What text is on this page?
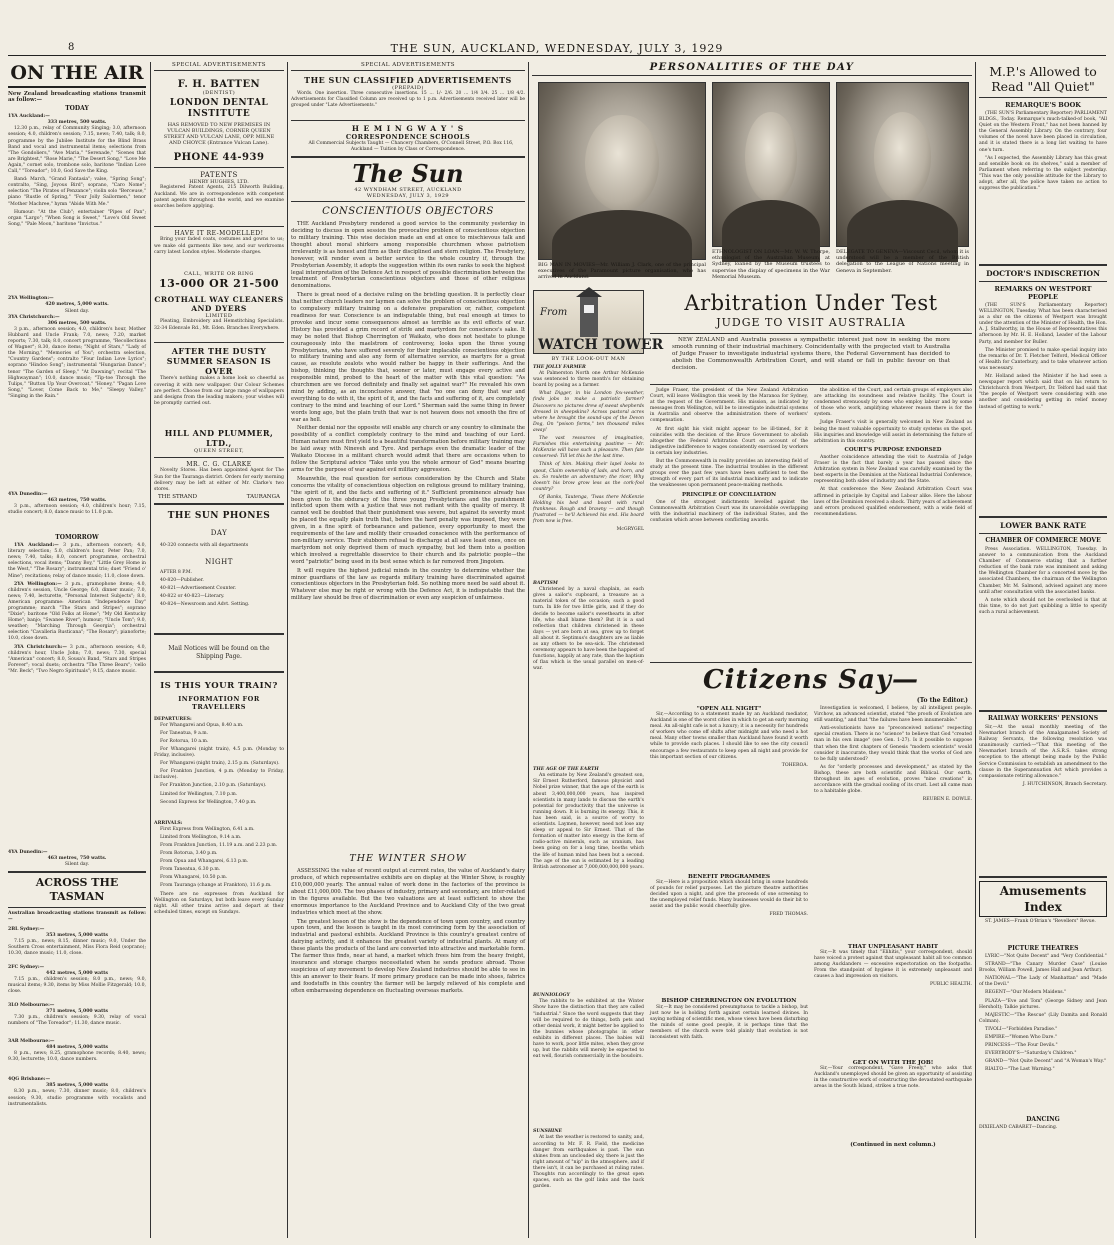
8	THE SUN, AUCKLAND, WEDNESDAY, JULY 3, 1929
ON THE AIR
New Zealand broadcasting stations transmit as follow:—
TODAY
1YA Auckland:—
333 metres, 500 watts.

12.30 p.m., relay of Community Singing; 3.0, afternoon session; 4.0, children's session; 7.15, news; 7.40, talk; 8.0, programme by the Jubilee Institute for the Blind Brass Band and vocal and instrumental items; selections from "The Gondoliers," "Ave Maria," "Serenade," "Scenes that are Brightest," "Rose Marie," "The Desert Song," "Love Me Again," cornet solo, trombone solo, baritone "Indian Love Call," "Toreador"; 10.0, God Save the King.

Band: March, "Grand Fantasia"; valse, "Spring Song"; contralto, "Sing, Joyous Bird"; soprano, "Caro Nome"; selection "The Pirates of Penzance"; violin solo "Berceuse," piano "Rustle of Spring," "Four Jolly Sailormen," tenor "Mother Machree," hymn "Abide With Me."

Humour: "At the Club"; entertainer "Pipes of Pan"; organ "Largo"; "When Song is Sweet," "Love's Old Sweet Song," "Pale Moon," baritone "Invictus."

2YA Wellington:—
420 metres, 5,000 watts.
Silent day.
3YA Christchurch:—
306 metres, 500 watts.

3 p.m., afternoon session; 4.0, children's hour, Mother Hubbard and Uncle Frank; 7.0, news; 7.20, market reports; 7.30, talk; 8.0, concert programme, "Recollections of Wagner"; 8.30, dance items; "Night of Stars," "Lady of the Morning," "Memories of You"; orchestra selection, "Country Gardens"; contralto "Four Indian Love Lyrics"; soprano "Hindoo Song"; instrumental "Hungarian Dance"; tenor "The Garden of Sleep," "At Dawning"; recital "The Highwayman"; 10.0, dance music; "Tip-toe Through the Tulips," "Button Up Your Overcoat," "Honey," "Pagan Love Song," "Lover, Come Back to Me," "Sleepy Valley," "Singing in the Rain."

4YA Dunedin:—
463 metres, 750 watts.

3 p.m., afternoon session; 4.0, children's hour; 7.15, studio concert; 8.0, dance music to 11.0 p.m.

TOMORROW

1YA Auckland:— 3 p.m., afternoon concert; 4.0, literary selection; 5.0, children's hour, Peter Pan; 7.0, news; 7.40, talks; 8.0, concert programme, orchestral selections, vocal items; "Danny Boy," "Little Grey Home in the West," "The Rosary"; instrumental trio; duet "Friend o' Mine"; recitations; relay of dance music; 11.0, close down.

2YA Wellington:— 3 p.m., gramophone items; 4.0, children's session, Uncle George; 6.0, dinner music; 7.0, news; 7.40, lecturette, "Personal Interest Subjects"; 8.0, American programme: American "Independence Day" programme; march "The Stars and Stripes"; soprano "Dixie"; baritone "Old Folks at Home"; "My Old Kentucky Home"; banjo; "Swanee River"; humour; "Uncle Tom"; 9.0, weather; "Marching Through Georgia"; orchestral selection "Cavalleria Rusticana"; "The Rosary"; pianoforte; 10.0, close down.

3YA Christchurch:— 3 p.m., afternoon session; 4.0, children's hour, Uncle John; 7.0, news; 7.30, special "American" concert; 8.0, Sousa's Band, "Stars and Stripes Forever"; vocal duets; orchestra "The Three Bears"; 'cello "Mr. Beck"; "Two Negro Spirituals"; 9.15, dance music.

4YA Dunedin:—
463 metres, 750 watts.
Silent day.
ACROSS THE TASMAN
Australian broadcasting stations transmit as follow:—
2BL Sydney:—
353 metres, 5,000 watts

7.15 p.m., news; 8.15, dinner music; 9.0, Under the Southern Cross entertainment, Miss Flora Reid (soprano); 10.30, dance music; 11.0, close.

2FC Sydney:—
442 metres, 5,000 watts

7.15 p.m., children's session; 8.0 p.m., news; 9.0, musical items; 9.30, items by Miss Mollie Fitzgerald; 10.0, close.

3LO Melbourne:—
371 metres, 5,000 watts

7.30 p.m., children's session; 9.30, relay of vocal numbers of "The Toreador"; 11.30, dance music.

3AR Melbourne:—
484 metres, 5,000 watts

8 p.m., news; 8.25, gramophone records; 8.40, news; 9.30, lecturette; 10.0, dance numbers.

4QG Brisbane:—
385 metres, 5,000 watts

8.30 p.m., news; 7.30, dinner music; 8.0, children's session; 9.30, studio programme with vocalists and instrumentalists.

SPECIAL ADVERTISEMENTS
F. H. BATTEN
(DENTIST)
LONDON DENTAL INSTITUTE
HAS REMOVED TO NEW PREMISES IN VULCAN BUILDINGS, CORNER QUEEN STREET AND VULCAN LANE, OPP. MILNE AND CHOYCE (Entrance Vulcan Lane).
PHONE 44-939
PATENTS
HENRY HUGHES, LTD.

Registered Patent Agents, 215 Dilworth Building, Auckland. We are in correspondence with competent patent agents throughout the world, and we examine searches before applying.

HAVE IT RE-MODELLED!

Bring your faded coats, costumes and gowns to us; we make old garments like new, and our workrooms carry latest London styles. Moderate charges.

CALL, WRITE OR RING
13-000 OR 21-500
CROTHALL WAY CLEANERS AND DYERS
LIMITED

Pleating, Embroidery and Hemstitching Specialists. 32-34 Edenvale Rd., Mt. Eden. Branches Everywhere.

AFTER THE DUSTY SUMMER SEASON IS OVER

There's nothing makes a home look so cheerful as covering it with new wallpaper. Our Colour Schemes are perfect. Choose from our large range of wallpapers and designs from the leading makers; your wishes will be promptly carried out.

HILL AND PLUMMER, LTD.,
QUEEN STREET,
MR. C. G. CLARKE

Novelty Stores. Has been appointed Agent for The Sun for the Tauranga district. Orders for early morning delivery may be left at either of Mr. Clarke's two stores.

THE STRAND	TAURANGA
THE SUN PHONES
DAY

40-320 connects with all departments

NIGHT

AFTER 8 P.M.

40-820—Publisher.

40-821—Advertisement Counter.

40-822 or 40-823—Literary.

40-824—Newsroom and Advt. Setting.

Mail Notices will be found on the Shipping Page.
IS THIS YOUR TRAIN?
INFORMATION FOR TRAVELLERS
DEPARTURES:

For Whangarei and Opua, 8.40 a.m.

For Taneatua, 9 a.m.

For Rotorua, 10 a.m.

For Whangarei (night train), 4.5 p.m. (Monday to Friday, inclusive).

For Whangarei (night train), 2.15 p.m. (Saturdays).

For Frankton Junction, 4 p.m. (Monday to Friday, inclusive).

For Frankton Junction, 2.10 p.m. (Saturdays).

Limited for Wellington, 7.10 p.m.

Second Express for Wellington, 7.40 p.m.

ARRIVALS:

First Express from Wellington, 6.41 a.m.

Limited from Wellington, 9.14 a.m.

From Frankton Junction, 11.19 a.m. and 2.23 p.m.

From Rotorua, 3.40 p.m.

From Opua and Whangarei, 6.13 p.m.

From Taneatua, 6.30 p.m.

From Whangarei, 10.50 p.m.

From Tauranga (change at Frankton), 11.6 p.m.

There are no expresses from Auckland for Wellington on Saturdays, but both leave every Sunday night. All other trains arrive and depart at their scheduled times, except on Sundays.

SPECIAL ADVERTISEMENTS
THE SUN CLASSIFIED ADVERTISEMENTS
(PREPAID)

Words. One insertion. Three consecutive insertions. 15 … 1/- 2/6. 20 … 1/4 3/4. 25 … 1/8 4/2. Advertisements for Classified Column are received up to 1 p.m. Advertisements received later will be grouped under "Late Advertisements."

H E M I N G W A Y ' S
CORRESPONDENCE SCHOOLS

All Commercial Subjects Taught — Chancery Chambers, O'Connell Street, P.O. Box 116, Auckland — Tuition by Class or Correspondence.

The Sun
42 WYNDHAM STREET, AUCKLAND
WEDNESDAY, JULY 3, 1929
CONSCIENTIOUS OBJECTORS

THE Auckland Presbytery rendered a good service to the community yesterday in deciding to discuss in open session the provocative problem of conscientious objection to military training. This wise decision made an end at once to mischievous talk and thought about moral shirkers among responsible churchmen whose patriotism irrelevantly is as honest and firm as their disciplined and stern religion. The Presbytery, however, will render even a better service to the whole country if, through the Presbyterian Assembly, it adopts the suggestion within its own ranks to seek the highest legal interpretation of the Defence Act in respect of possible discrimination between the treatment of Presbyterian conscientious objectors and those of other religious denominations.

There is great need of a decisive ruling on the bristling question. It is perfectly clear that neither church leaders nor laymen can solve the problem of conscientious objection to compulsory military training on a defensive preparation or, rather, competent readiness for war. Conscience is an indisputable thing, but real enough at times to provoke and incur some consequences almost as terrible as its evil effects of war. History has provided a grim record of strife and martyrdom for conscience's sake. It may be noted that Bishop Cherrington of Waikato, who does not hesitate to plunge courageously into the maelstrom of controversy, looks upon the three young Presbyterians, who have suffered severely for their implacable conscientious objection to military training and also any form of alternative service, as martyrs for a great cause, as resolute zealots who would rather be happy in their sufferings. And the bishop, thinking the thoughts that, sooner or later, must engage every active and responsible mind, probed to the heart of the matter with this vital question: "As churchmen are we forced definitely and finally set against war?" He revealed his own mind by adding, as an inconclusive answer, that "no one can deny that war and everything to do with it, the spirit of it, and the facts and suffering of it, are completely contrary to the mind and teaching of our Lord." Sherman said the same thing in fewer words long ago, but the plain truth that war is not heaven does not smooth the fire of war as hell.

Neither denial nor the opposite will enable any church or any country to eliminate the possibility of a conflict completely contrary to the mind and teaching of our Lord. Human nature must first yield to a beautiful transformation before military training may be laid away with Nineveh and Tyre. And perhaps even the dramatic leader of the Waikato Diocese in a militant church would admit that there are occasions when to follow the Scriptural advice "Take unto you the whole armour of God" means bearing arms for the purpose of war against evil military aggression.

Meanwhile, the real question for serious consideration by the Church and State concerns the vitality of conscientious objection on religious ground to military training, "the spirit of it, and the facts and suffering of it." Sufficient prominence already has been given to the obduracy of the three young Presbyterians and the punishment inflicted upon them with a justice that was not radiant with the quality of mercy. It cannot well be doubted that their punishment was severe, but against its severity must be placed the equally plain truth that, before the hard penalty was imposed, they were given, in a fine spirit of forbearance and patience, every opportunity to meet the requirements of the law and mollify their crusaded conscience with the performance of non-military service. Their stubborn refusal to discharge at all save least ones, once on martyrdom not only deprived them of much sympathy, but led them into a position which involved a regrettable disservice to their church and its patriotic people—the word "patriotic" being used in its best sense which is far removed from Jingoism.

It will require the highest judicial minds in the country to determine whether the minor guardians of the law as regards military training have discriminated against conscientious objectors in the Presbyterian fold. So nothing more need be said about it. Whatever else may be right or wrong with the Defence Act, it is indisputable that the military law should be free of discrimination or even any suspicion of unfairness.

THE WINTER SHOW

ASSESSING the value of recent output at current rates, the value of Auckland's dairy produce, of which representative exhibits are on display at the Winter Show, is roughly £10,000,000 yearly. The annual value of work done in the factories of the province is about £11,000,000. The two phases of industry, primary and secondary, are inter-related in the figures available. But the two valuations are at least sufficient to show the enormous importance to the Auckland Province and to Auckland City of the two great industries which meet at the show.

The greatest lesson of the show is the dependence of town upon country, and country upon town, and the lesson is taught in its most convincing form by the association of industrial and pastoral exhibits. Auckland Province is this country's greatest centre of dairying activity, and it enhances the greatest variety of industrial plants. At many of these plants the products of the land are converted into attractive and marketable form. The farmer thus finds, near at hand, a market which frees him from the heavy freight, insurance and storage charges necessitated when he sends produce abroad. Those suspicious of any movement to develop New Zealand industries should be able to see in this an answer to their fears. If more primary produce can be made into shoes, fabrics and foodstuffs in this country the farmer will be largely relieved of his complete and often embarrassing dependence on fluctuating overseas markets.

PERSONALITIES OF THE DAY
BIG MAN IN MOVIES—Mr. William J. Clark, one of the principal executives of the Paramount picture organisation, who has arrived in Auckland.
ETHNOLOGIST ON LOAN—Mr. W. W. Thorpe, ethnologist of the Australian Museum, at Sydney, loaned by the Museum trustees to supervise the display of specimens in the War Memorial Museum.
DELEGATE TO GENEVA—Viscount Cecil, whom it is understood will be a member of the British delegation to the League of Nations meeting in Geneva in September.
From
WATCH TOWER
BY THE LOOK-OUT MAN
THE JOLLY FARMER

At Palmerston North one Arthur McKenzie was sentenced to three month's for obtaining board by posing as a farmer.

What Digger, in his London fox-weather, finds jobs to make a patriotic farmer? Discovers no pictures drew of sweat shepherds dressed in sheepskins? Across pastoral acres where he brought the sound-ups of the Devon Dog, On "poison forms," ten thousand miles away!

The vast resources of imagination, Furnishes this entertaining pastime — Mr. McKenzie will have such a pleasure. Then fate conserved: Till let this be the last time.

Think of him. Making their lapel looks to spout, Claim ownership of lads, and horn, and ax. So roulette an adventurer; the ricer, Why doesn't his brow grow less as the cork-fool country?

Of Banks, Tautenga, 'Twas there McKenzie Holding his bed and board with rural frankness. Rough and brawny — and though frustrated — he'll Achieved his end. His board from now is free.

McGRYGEL

BAPTISM

Christened by a naval chaplain, as each gives a sailor's cupboard, a treasure as a material token of the occasion; such a good turn. In life for two little girls, and if they do decide to become sailor's sweethearts in after life, who shall blame them? But it is a sad reflection that children christened in these days — yet are born at sea, grow up to forget all about it. Septimus's daughters are as liable as any others to be sea-sick. The christened ceremony appears to have been the happiest of functions, happily at any rate, than the baptism of flax which is the usual parallel on men-of-war.

THE AGE OF THE EARTH

An estimate by New Zealand's greatest son, Sir Ernest Rutherford, famous physicist and Nobel prize winner, that the age of the earth is about 3,400,000,000 years, has inspired scientists in many lands to discuss the earth's potential for productivity that the universe is running down. It is burning its energy. This, it has been said, is a source of worry to scientists. Laymen, however, need not lose any sleep or appeal to Sir Ernest. That of the formation of matter into energy in the form of radio-active minerals, such as uranium, has been going on for a long time, booths which the life of human mind has been but a second. The age of the sun is estimated by a leading British astronomer at 7,000,000,000,000 years.

BUNNIOLOGY

The rabbits to be exhibited at the Winter Show have the distinction that they are called "industrial." Since the word suggests that they will be required to do things, both pets and other denial work, it might better be applied to the bunnies whose photographs in other exhibits in different places. The babies will have to work, poor little mites, when they grow up, but the rabbits will merely be expected to eat well, flourish commercially in the boudoirs.

SUNSHINE

At last the weather is restored to sanity, and, according to Mr. F. R. Field, the medicine danger from earthquakes is past. The sun shines from an unclouded sky, there is just the right amount of "nip" in the atmosphere, and if there isn't, it can be purchased at ruling rates. Thoughts run accordingly to the great open spaces, such as the golf links and the back garden.

Arbitration Under Test
JUDGE TO VISIT AUSTRALIA

NEW ZEALAND and Australia possess a sympathetic interest just now in seeking the more smooth running of their industrial machinery. Coincidentally with the projected visit to Australia of Judge Fraser to investigate industrial systems there, the Federal Government has decided to abolish the Commonwealth Arbitration Court, and will stand or fall in public favour on that decision.

Judge Fraser, the president of the New Zealand Arbitration Court, will leave Wellington this week by the Maranoa for Sydney, at the request of the Government. His mission, as indicated by messages from Wellington, will be to investigate industrial systems in Australia and observe the administration there of workers' compensation.

At first sight his visit might appear to be ill-timed, for it coincides with the decision of the Bruce Government to abolish altogether the Federal Arbitration Court on account of the indigestive indifference to wages consistently exercised by workers in certain key industries.

But the Commonwealth in reality provides an interesting field of study at the present time. The industrial troubles in the different groups over the past few years have been sufficient to test the strength of every part of its industrial machinery and to indicate the weaknesses upon permanent peace-making methods.

PRINCIPLE OF CONCILIATION

One of the strongest indictments levelled against the Commonwealth Arbitration Court was its unavoidable overlapping with the industrial machinery of the individual States, and the confusion which arose between conflicting awards.

the abolition of the Court, and certain groups of employers also are attacking its soundness and relative facility. The Court is condemned strenuously by some who employ labour and by some of those who work, amplifying whatever reason there is for the system.

Judge Fraser's visit is generally welcomed in New Zealand as being the most valuable opportunity to study systems on the spot. His inquiries and knowledge will assist in determining the future of arbitration in this country.

COURT'S PURPOSE ENDORSED

Another coincidence attending the visit to Australia of Judge Fraser is the fact that barely a year has passed since the Arbitration system in New Zealand was carefully examined by the best experts in the Dominion at the National Industrial Conference, representing both sides of industry and the State.

At that conference the New Zealand Arbitration Court was affirmed in principle by Capital and Labour alike. Here the labour laws of the Dominion received a shock. Thirty years of achievement and errors produced qualified endorsement, with a wide field of recommendations.

Citizens Say—
(To the Editor.)
"OPEN ALL NIGHT"

Sir,—According to a statement made by an Auckland mediator, Auckland is one of the worst cities in which to get an early morning meal. An all-night cafe is not a luxury; it is a necessity for hundreds of workers who come off shifts after midnight and who need a hot meal. Many other towns smaller than Auckland have found it worth while to provide such places. I should like to see the city council encourage a few restaurants to keep open all night and provide for this important section of our citizens.

TOHEROA.

BENEFIT PROGRAMMES

Sir,—Here is a proposition which should bring in some hundreds of pounds for relief purposes. Let the picture theatre authorities decided upon a night, and give the proceeds of one screening to the unemployed relief funds. Many businesses would do their bit to assist and the public would cheerfully give.

FRED THOMAS.

BISHOP CHERRINGTON ON EVOLUTION

Sir,—It may be considered presumptuous to tackle a bishop, but just now he is holding forth against certain learned divines. In saying nothing of scientific men, whose views have been disturbing the minds of some good people, it is perhaps time that the members of the church were told plainly that evolution is not inconsistent with faith.

Investigation is welcomed, I believe, by all intelligent people. Virchow, an advanced scientist, stated "the proofs of Evolution are still wanting," and that "the failures have been innumerable."

Anti-evolutionists have no "preconceived notions" respecting special creation. There is no "science" to believe that God "created man in his own image" (see Gen. 1-27). Is it possible to suppose that when the first chapters of Genesis "modern scientists" would consider it inaccurate, they would think that the works of God are to be fully understood?

As for "orderly processes and development," as stated by the Bishop, these are both scientific and Biblical. Our earth, throughout its ages of evolution, proves "nine creations" in accordance with the gradual cooling of its crust. Lest all came man to a habitable globe.

REUBEN E. DOWLE.

THAT UNPLEASANT HABIT

Sir,—It was timely that "Elihitis," your correspondent, should have voiced a protest against that unpleasant habit all too common among Aucklanders — excessive expectoration on the footpaths. From the standpoint of hygiene it is extremely unpleasant and causes a bad impression on visitors.

PUBLIC HEALTH.

GET ON WITH THE JOB!

Sir,—Your correspondent, "Gave Freely," who asks that Auckland's unemployed should be given an opportunity of assisting in the constructive work of constructing the devastated earthquake areas in the South Island, strikes a true note.

(Continued in next column.)
M.P.'s Allowed to Read "All Quiet"
REMARQUE'S BOOK

(THE SUN'S Parliamentary Reporter) PARLIAMENT BLDGS., Today. Remarque's much-talked-of book, "All Quiet on the Western Front," has not been banned by the General Assembly Library. On the contrary, four volumes of the novel have been placed in circulation, and it is stated there is a long list waiting to have one's turn.

"As I expected, the Assembly Library has this great and sensible book on its shelves," said a member of Parliament when referring to the subject yesterday. "This was the only possible attitude for the Library to adopt, after all, the police have taken no action to suppress the publication."

DOCTOR'S INDISCRETION
REMARKS ON WESTPORT PEOPLE

(THE SUN'S Parliamentary Reporter) WELLINGTON, Tuesday. What has been characterised as a slur on the citizens of Westport was brought under the attention of the Minister of Health, the Hon. A. J. Stallworthy, in the House of Representatives this afternoon by Mr. H. E. Holland, Leader of the Labour Party, and member for Buller.

The Minister promised to make special inquiry into the remarks of Dr. T. Fletcher Telford, Medical Officer of Health for Canterbury, and to take whatever action was necessary.

Mr. Holland asked the Minister if he had seen a newspaper report which said that on his return to Christchurch from Westport, Dr. Telford had said that "the people of Westport were considering with one another and considering getting in relief money instead of getting to work."

LOWER BANK RATE
CHAMBER OF COMMERCE MOVE

Press Association. WELLINGTON, Tuesday. In answer to a communication from the Auckland Chamber of Commerce stating that a further reduction of the bank rate was imminent and asking the Wellington Chamber for a concerted move by the associated Chambers, the chairman of the Wellington Chamber, Mr. M. Salmond, advised against any move until after consultation with the associated banks.

A note which should not be overlooked is that at this time, to do not just quibbling a little to specify such a rural achievement.

RAILWAY WORKERS' PENSIONS

Sir,—At the usual monthly meeting of the Newmarket branch of the Amalgamated Society of Railway Servants, the following resolution was unanimously carried:—"That this meeting of the Newmarket branch of the A.S.R.S. takes strong exception to the attempt being made by the Public Service Commission to establish an amendment to the clause in the Superannuation Act which provides a compassionate retiring allowance."

J. HUTCHINSON, Branch Secretary.

Amusements Index

ST. JAMES—Frank O'Brian's "Revellers" Revue.

PICTURE THEATRES

LYRIC—"Not Quite Decent" and "Very Confidential."

STRAND—"The Canary Murder Case" (Louise Brooks, William Powell, James Hall and Jean Arthur).

NATIONAL—"The Lady of Manhattan" and "Made of the Devil."

REGENT—"Our Modern Maidens."

PLAZA—"Eve and Tom" (George Sidney and Jean Hersholt); Talkie pictures.

MAJESTIC—"The Rescue" (Lily Damita and Ronald Colman).

TIVOLI—"Forbidden Paradise."

EMPIRE—"Women Who Dare."

PRINCESS—"The Four Devils."

EVERYBODY'S—"Saturday's Children."

GRAND—"Not Quite Decent" and "A Woman's Way."

RIALTO—"The Last Warning."

DANCING
DIXIELAND CABARET—Dancing.
